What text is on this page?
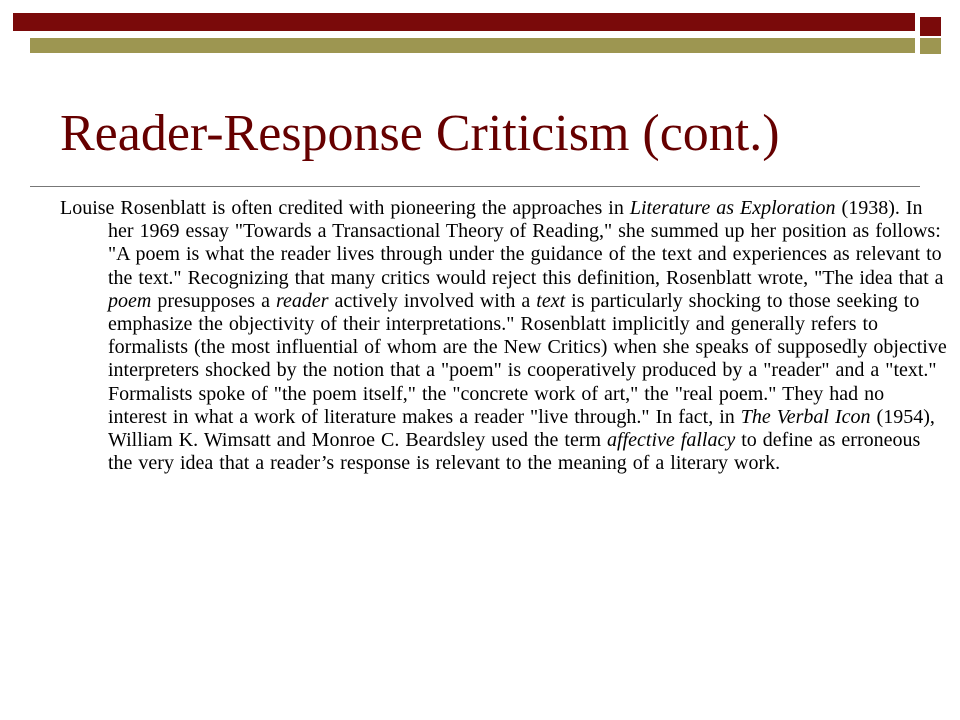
Reader-Response Criticism (cont.)

Louise Rosenblatt is often credited with pioneering the approaches in Literature as Exploration (1938). In her 1969 essay "Towards a Transactional Theory of Reading," she summed up her position as follows: "A poem is what the reader lives through under the guidance of the text and experiences as relevant to the text." Recognizing that many critics would reject this definition, Rosenblatt wrote, "The idea that a poem presupposes a reader actively involved with a text is particularly shocking to those seeking to emphasize the objectivity of their interpretations." Rosenblatt implicitly and generally refers to formalists (the most influential of whom are the New Critics) when she speaks of supposedly objective interpreters shocked by the notion that a "poem" is cooperatively produced by a "reader" and a "text." Formalists spoke of "the poem itself," the "concrete work of art," the "real poem." They had no interest in what a work of literature makes a reader "live through." In fact, in The Verbal Icon (1954), William K. Wimsatt and Monroe C. Beardsley used the term affective fallacy to define as erroneous the very idea that a reader’s response is relevant to the meaning of a literary work.
